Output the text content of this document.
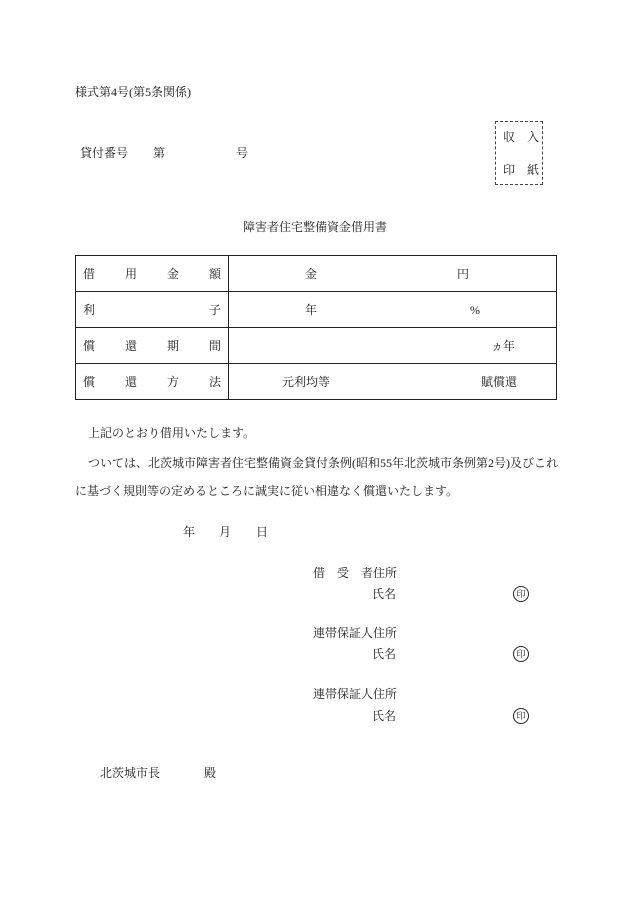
様式第4号(第5条関係)
貸付番号 第	号
収 入
印 紙
障害者住宅整備資金借用書
借 用 金 額	金 円

利 子	年 %

償 還 期 間	ヵ年

償 還 方 法	元利均等 賦償還
上記のとおり借用いたします。
ついては、北茨城市障害者住宅整備資金貸付条例(昭和55年北茨城市条例第2号)及びこれ
に基づく規則等の定めるところに誠実に従い相違なく償還いたします。
年 月 日
借　受　者住所
氏名	印
連帯保証人住所
氏名	印
連帯保証人住所
氏名	印
北茨城市長	殿
